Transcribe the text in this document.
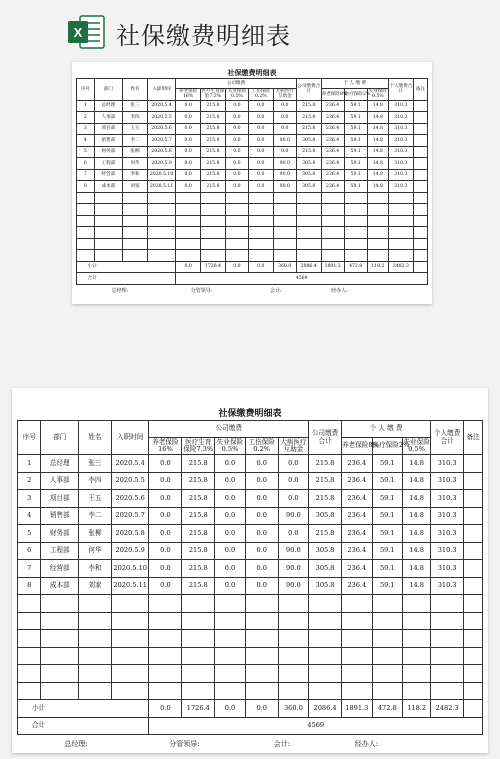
X 社保缴费明细表
社保缴费明细表
序号	部门	姓名	入职时间	公司缴费					公司缴费合计	个 人 缴 费			个人缴费合计	备注
				养老保险16%	医疗生育保险7.3%	失业保险0.5%	工伤保险0.2%	大病医疗互助金		养老保险8%	医疗保险2%	失业保险0.5%		
1	总经理	张三	2020.5.4	0.0	215.8	0.0	0.0	0.0	215.8	236.4	59.1	14.8	310.3	
2	人事部	李四	2020.5.5	0.0	215.8	0.0	0.0	0.0	215.8	236.4	59.1	14.8	310.3	
3	项目部	王五	2020.5.6	0.0	215.8	0.0	0.0	0.0	215.8	236.4	59.1	14.8	310.3	
4	销售部	李二	2020.5.7	0.0	215.8	0.0	0.0	90.0	305.8	236.4	59.1	14.8	310.3	
5	财务部	张柳	2020.5.8	0.0	215.8	0.0	0.0	0.0	215.8	236.4	59.1	14.8	310.3	
6	工程部	何华	2020.5.9	0.0	215.8	0.0	0.0	90.0	305.8	236.4	59.1	14.8	310.3	
7	经营部	李和	2020.5.10	0.0	215.8	0.0	0.0	90.0	305.8	236.4	59.1	14.8	310.3	
8	成本部	刘家	2020.5.11	0.0	215.8	0.0	0.0	90.0	305.8	236.4	59.1	14.8	310.3	

小计				0.0	1726.4	0.0	0.0	360.0	2086.4	1891.3	472.8	118.2	2482.3	
合计				4569										
总经理:	分管领导:	会计:	经办人:
社保缴费明细表
序号	部门	姓名	入职时间	公司缴费					公司缴费合计	个 人 缴 费			个人缴费合计	备注
				养老保险16%	医疗生育保险7.3%	失业保险0.5%	工伤保险0.2%	大病医疗互助金		养老保险8%	医疗保险2%	失业保险0.5%		
1	总经理	张三	2020.5.4	0.0	215.8	0.0	0.0	0.0	215.8	236.4	59.1	14.8	310.3	
2	人事部	李四	2020.5.5	0.0	215.8	0.0	0.0	0.0	215.8	236.4	59.1	14.8	310.3	
3	项目部	王五	2020.5.6	0.0	215.8	0.0	0.0	0.0	215.8	236.4	59.1	14.8	310.3	
4	销售部	李二	2020.5.7	0.0	215.8	0.0	0.0	90.0	305.8	236.4	59.1	14.8	310.3	
5	财务部	张柳	2020.5.8	0.0	215.8	0.0	0.0	0.0	215.8	236.4	59.1	14.8	310.3	
6	工程部	何华	2020.5.9	0.0	215.8	0.0	0.0	90.0	305.8	236.4	59.1	14.8	310.3	
7	经营部	李和	2020.5.10	0.0	215.8	0.0	0.0	90.0	305.8	236.4	59.1	14.8	310.3	
8	成本部	刘家	2020.5.11	0.0	215.8	0.0	0.0	90.0	305.8	236.4	59.1	14.8	310.3	

小计				0.0	1726.4	0.0	0.0	360.0	2086.4	1891.3	472.8	118.2	2482.3	
合计				4569										
总经理:	分管领导:	会计:	经办人:
